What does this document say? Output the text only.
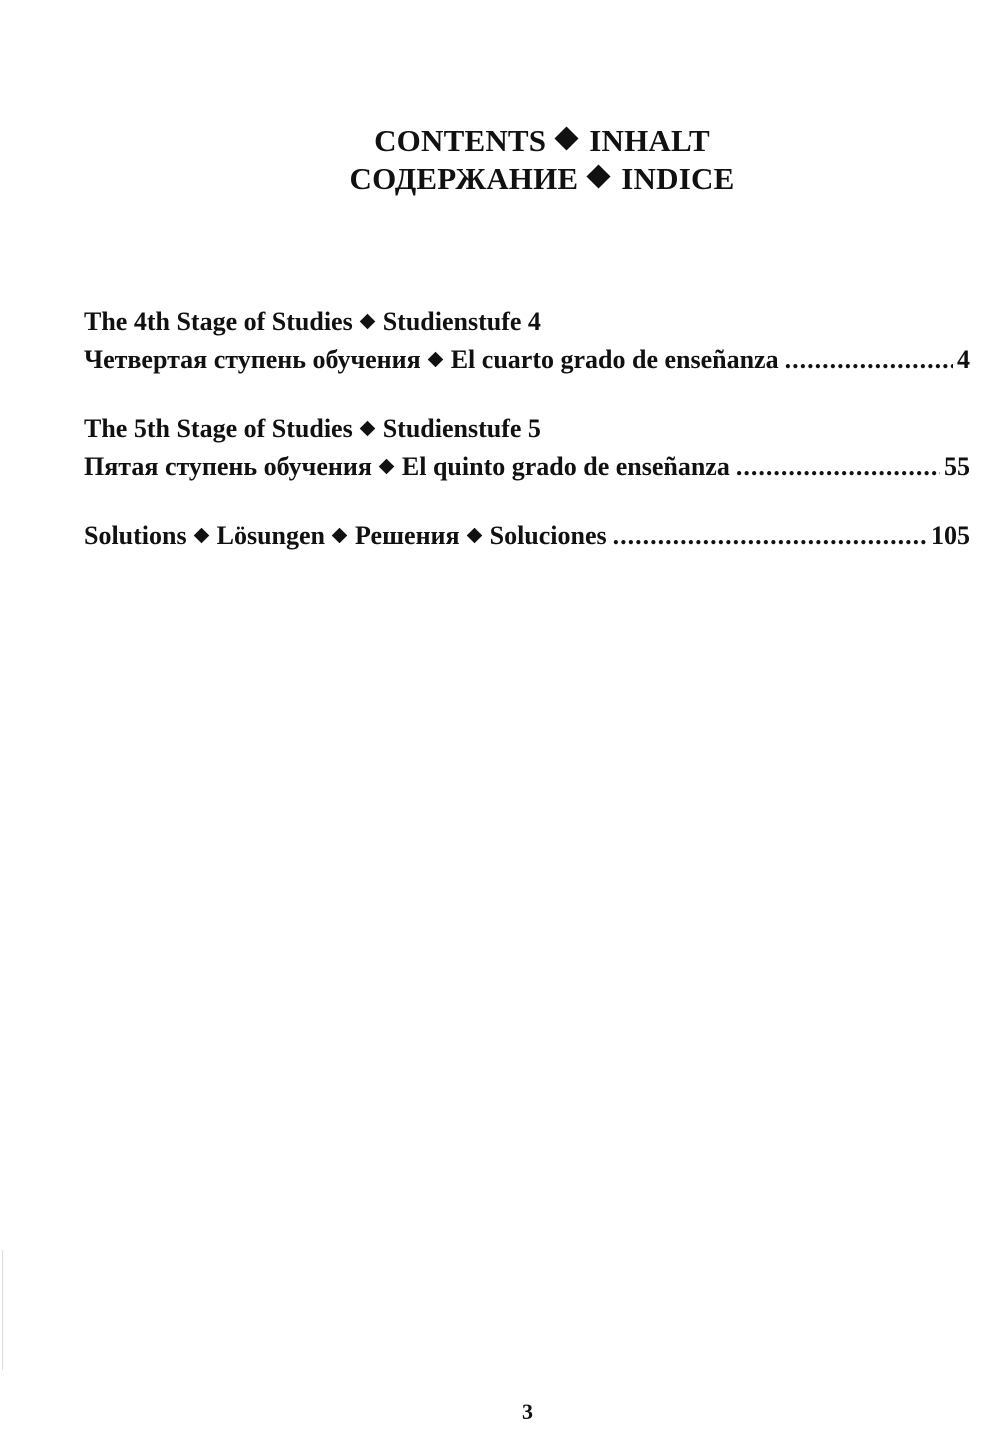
CONTENTS INHALT
СОДЕРЖАНИЕ INDICE
The 4th Stage of Studies Studienstufe 4
Четвертая ступень обучения El cuarto grado de enseñanza .....	4
The 5th Stage of Studies Studienstufe 5
Пятая ступень обучения El quinto grado de enseñanza .....	55
Solutions Lösungen Решения Soluciones .....	105
3
